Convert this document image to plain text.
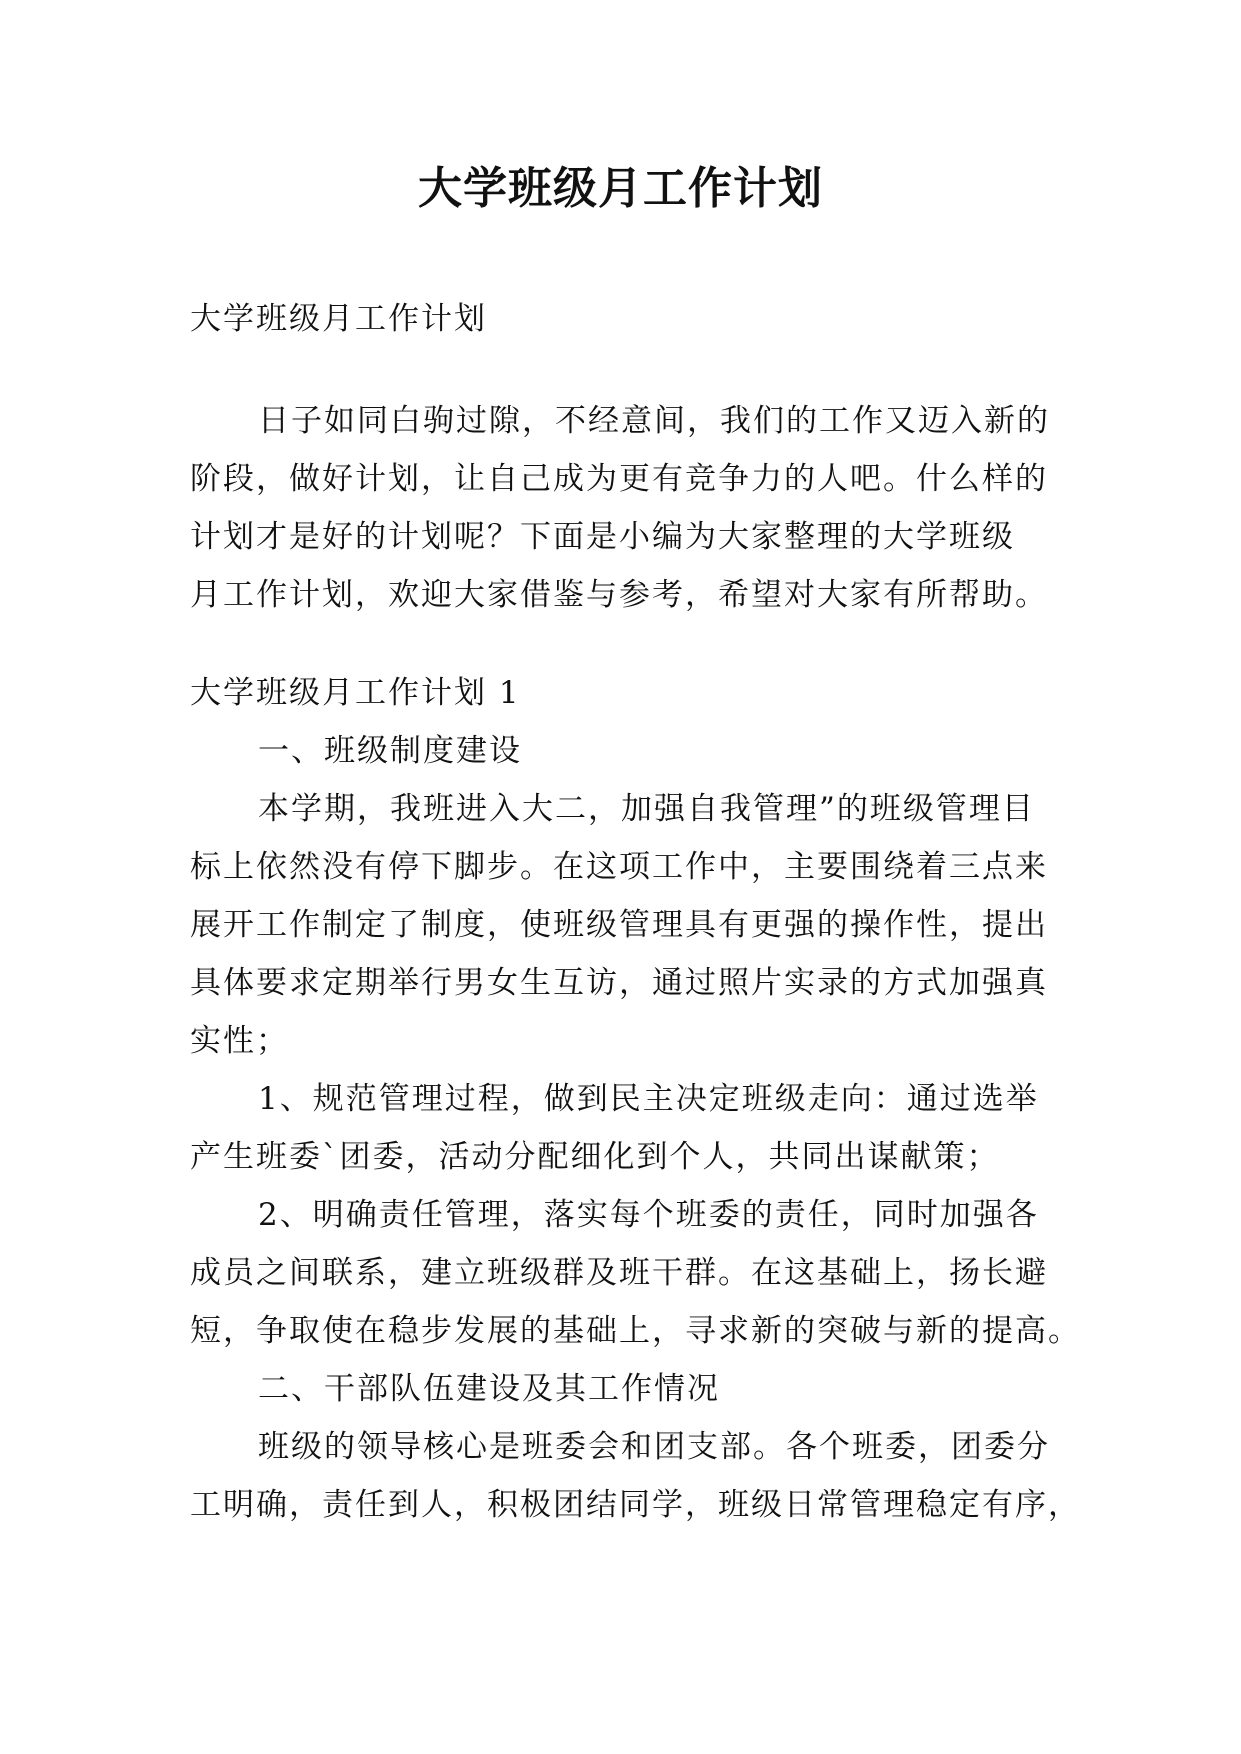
大学班级月工作计划

大学班级月工作计划

日子如同白驹过隙，不经意间，我们的工作又迈入新的

阶段，做好计划，让自己成为更有竞争力的人吧。什么样的

计划才是好的计划呢？下面是小编为大家整理的大学班级

月工作计划，欢迎大家借鉴与参考，希望对大家有所帮助。

大学班级月工作计划 1

一、班级制度建设

本学期，我班进入大二，加强自我管理”的班级管理目

标上依然没有停下脚步。在这项工作中，主要围绕着三点来

展开工作制定了制度，使班级管理具有更强的操作性，提出

具体要求定期举行男女生互访，通过照片实录的方式加强真

实性；

1、规范管理过程，做到民主决定班级走向：通过选举

产生班委`团委，活动分配细化到个人，共同出谋献策；

2、明确责任管理，落实每个班委的责任，同时加强各

成员之间联系，建立班级群及班干群。在这基础上，扬长避

短，争取使在稳步发展的基础上，寻求新的突破与新的提高。

二、干部队伍建设及其工作情况

班级的领导核心是班委会和团支部。各个班委，团委分

工明确，责任到人，积极团结同学，班级日常管理稳定有序，
